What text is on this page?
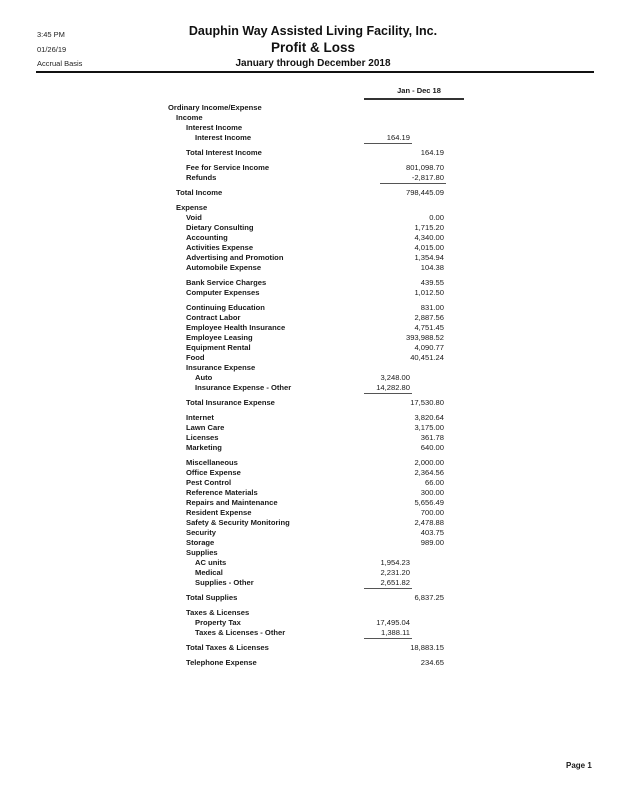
3:45 PM
01/26/19
Accrual Basis
Dauphin Way Assisted Living Facility, Inc.
Profit & Loss
January through December 2018
Jan - Dec 18
Ordinary Income/Expense
Income
Interest Income
Interest Income	164.19
Total Interest Income	164.19
Fee for Service Income	801,098.70
Refunds	-2,817.80
Total Income	798,445.09
Expense
Void	0.00
Dietary Consulting	1,715.20
Accounting	4,340.00
Activities Expense	4,015.00
Advertising and Promotion	1,354.94
Automobile Expense	104.38
Bank Service Charges	439.55
Computer Expenses	1,012.50
Continuing Education	831.00
Contract Labor	2,887.56
Employee Health Insurance	4,751.45
Employee Leasing	393,988.52
Equipment Rental	4,090.77
Food	40,451.24
Insurance Expense
Auto	3,248.00
Insurance Expense - Other	14,282.80
Total Insurance Expense	17,530.80
Internet	3,820.64
Lawn Care	3,175.00
Licenses	361.78
Marketing	640.00
Miscellaneous	2,000.00
Office Expense	2,364.56
Pest Control	66.00
Reference Materials	300.00
Repairs and Maintenance	5,656.49
Resident Expense	700.00
Safety & Security Monitoring	2,478.88
Security	403.75
Storage	989.00
Supplies
AC units	1,954.23
Medical	2,231.20
Supplies - Other	2,651.82
Total Supplies	6,837.25
Taxes & Licenses
Property Tax	17,495.04
Taxes & Licenses - Other	1,388.11
Total Taxes & Licenses	18,883.15
Telephone Expense	234.65
Page 1
